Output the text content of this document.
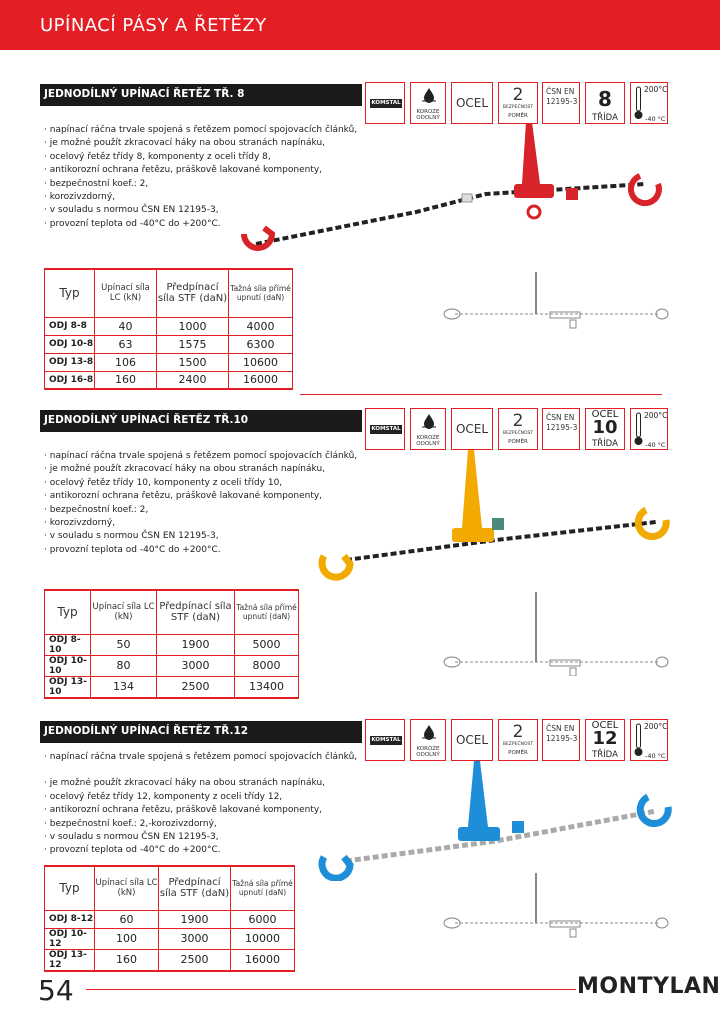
UPÍNACÍ PÁSY A ŘETĚZY
JEDNODÍLNÝ UPÍNACÍ ŘETĚZ TŘ. 8
KOMSTAL
KOROZE ODOLNÝ
OCEL	2
BEZPEČNOST
POMĚR
ČSN EN
12195-3	8
TŘÍDA
200°C
-40 °C
· napínací ráčna trvale spojená s řetězem pomocí spojovacích článků,
· je možné použít zkracovací háky na obou stranách napínáku,
· ocelový řetěz třídy 8, komponenty z oceli třídy 8,
· antikorozní ochrana řetězu, práškově lakované komponenty,
· bezpečnostní koef.: 2,
· korozivzdorný,
· v souladu s normou ČSN EN 12195-3,
· provozní teplota od -40°C do +200°C.
Typ	Upínací síla LC (kN)	Předpínací síla STF (daN)	Tažná síla přímé upnutí (daN)
ODJ 8-8	40	1000	4000
ODJ 10-8	63	1575	6300
ODJ 13-8	106	1500	10600
ODJ 16-8	160	2400	16000
JEDNODÍLNÝ UPÍNACÍ ŘETĚZ TŘ.10
KOMSTAL
KOROZE ODOLNÝ
OCEL	2
BEZPEČNOST
POMĚR
ČSN EN
12195-3
OCEL
10
TŘÍDA
200°C
-40 °C
· napínací ráčna trvale spojená s řetězem pomocí spojovacích článků,
· je možné použít zkracovací háky na obou stranách napínáku,
· ocelový řetěz třídy 10, komponenty z oceli třídy 10,
· antikorozní ochrana řetězu, práškově lakované komponenty,
· bezpečnostní koef.: 2,
· korozivzdorný,
· v souladu s normou ČSN EN 12195-3,
· provozní teplota od -40°C do +200°C.
Typ	Upínací síla LC (kN)	Předpínací síla STF (daN)	Tažná síla přímé upnutí (daN)
ODJ 8-10	50	1900	5000
ODJ 10-10	80	3000	8000
ODJ 13-10	134	2500	13400
JEDNODÍLNÝ UPÍNACÍ ŘETĚZ TŘ.12
KOMSTAL
KOROZE ODOLNÝ
OCEL	2
BEZPEČNOST
POMĚR
ČSN EN
12195-3
OCEL
12
TŘÍDA
200°C
-40 °C
· napínací ráčna trvale spojená s řetězem pomocí spojovacích článků,
· je možné použít zkracovací háky na obou stranách napínáku,
· ocelový řetěz třídy 12, komponenty z oceli třídy 12,
· antikorozní ochrana řetězu, práškově lakované komponenty,
· bezpečnostní koef.: 2,-korozivzdorný,
· v souladu s normou ČSN EN 12195-3,
· provozní teplota od -40°C do +200°C.
Typ	Upínací síla LC (kN)	Předpínací síla STF (daN)	Tažná síla přímé upnutí (daN)
ODJ 8-12	60	1900	6000
ODJ 10-12	100	3000	10000
ODJ 13-12	160	2500	16000
54	MONTYLAN
